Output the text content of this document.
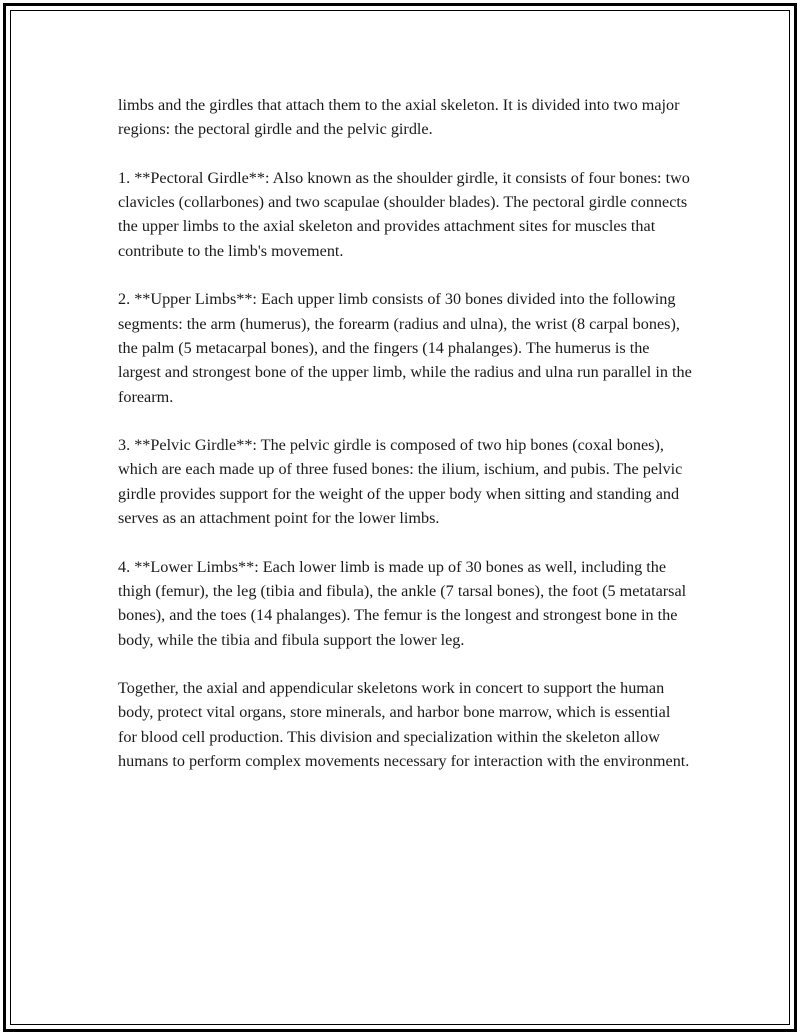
limbs and the girdles that attach them to the axial skeleton. It is divided into two major regions: the pectoral girdle and the pelvic girdle.

1. **Pectoral Girdle**: Also known as the shoulder girdle, it consists of four bones: two clavicles (collarbones) and two scapulae (shoulder blades). The pectoral girdle connects the upper limbs to the axial skeleton and provides attachment sites for muscles that contribute to the limb's movement.

2. **Upper Limbs**: Each upper limb consists of 30 bones divided into the following segments: the arm (humerus), the forearm (radius and ulna), the wrist (8 carpal bones), the palm (5 metacarpal bones), and the fingers (14 phalanges). The humerus is the largest and strongest bone of the upper limb, while the radius and ulna run parallel in the forearm.

3. **Pelvic Girdle**: The pelvic girdle is composed of two hip bones (coxal bones), which are each made up of three fused bones: the ilium, ischium, and pubis. The pelvic girdle provides support for the weight of the upper body when sitting and standing and serves as an attachment point for the lower limbs.

4. **Lower Limbs**: Each lower limb is made up of 30 bones as well, including the thigh (femur), the leg (tibia and fibula), the ankle (7 tarsal bones), the foot (5 metatarsal bones), and the toes (14 phalanges). The femur is the longest and strongest bone in the body, while the tibia and fibula support the lower leg.

Together, the axial and appendicular skeletons work in concert to support the human body, protect vital organs, store minerals, and harbor bone marrow, which is essential for blood cell production. This division and specialization within the skeleton allow humans to perform complex movements necessary for interaction with the environment.
